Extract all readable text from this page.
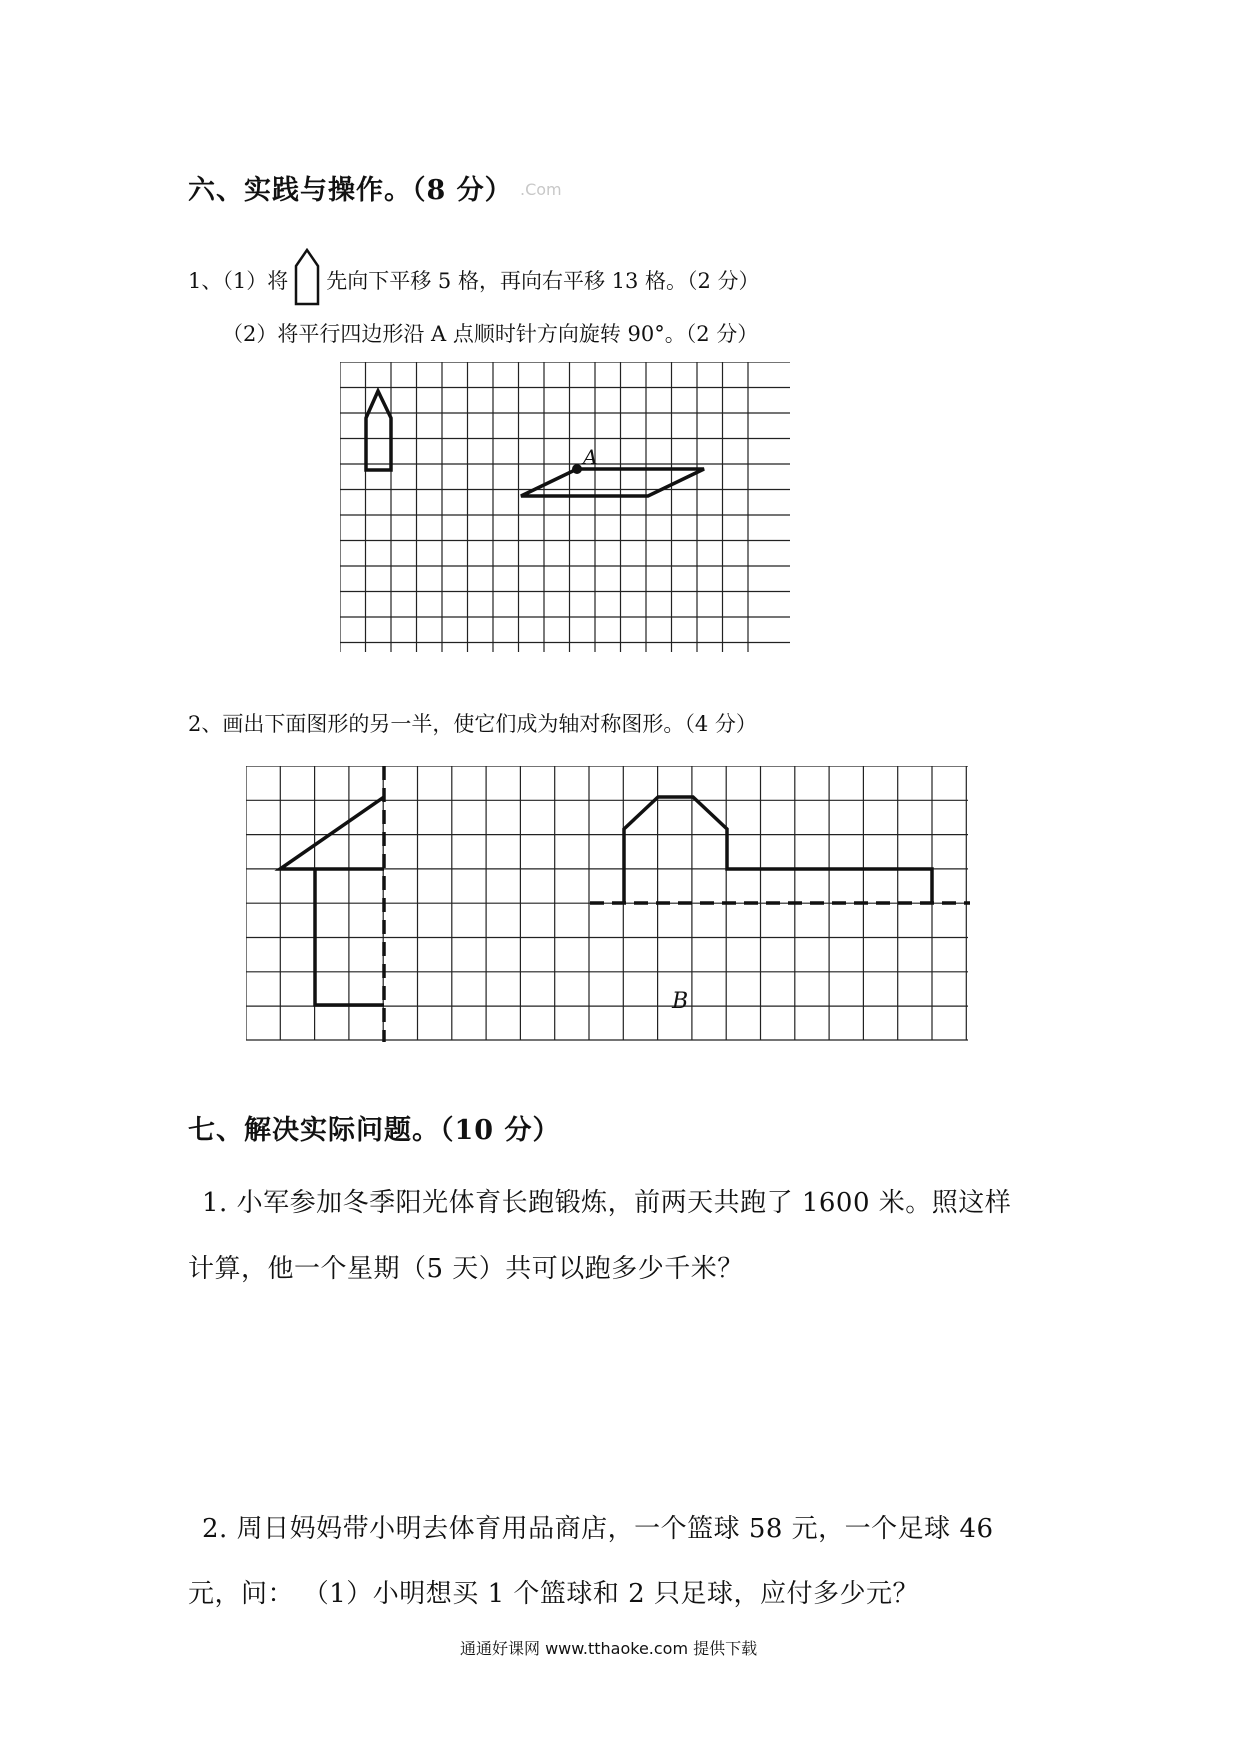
六、实践与操作。（8 分） .Com
1、（1）将 先向下平移 5 格，再向右平移 13 格。（2 分）
（2）将平行四边形沿 A 点顺时针方向旋转 90°。（2 分）
A
2、画出下面图形的另一半，使它们成为轴对称图形。（4 分）
B
七、解决实际问题。（10 分）
1. 小军参加冬季阳光体育长跑锻炼，前两天共跑了 1600 米。照这样
计算，他一个星期（5 天）共可以跑多少千米？
2. 周日妈妈带小明去体育用品商店，一个篮球 58 元，一个足球 46
元，问： （1）小明想买 1 个篮球和 2 只足球，应付多少元？
通通好课网 www.tthaoke.com 提供下载
